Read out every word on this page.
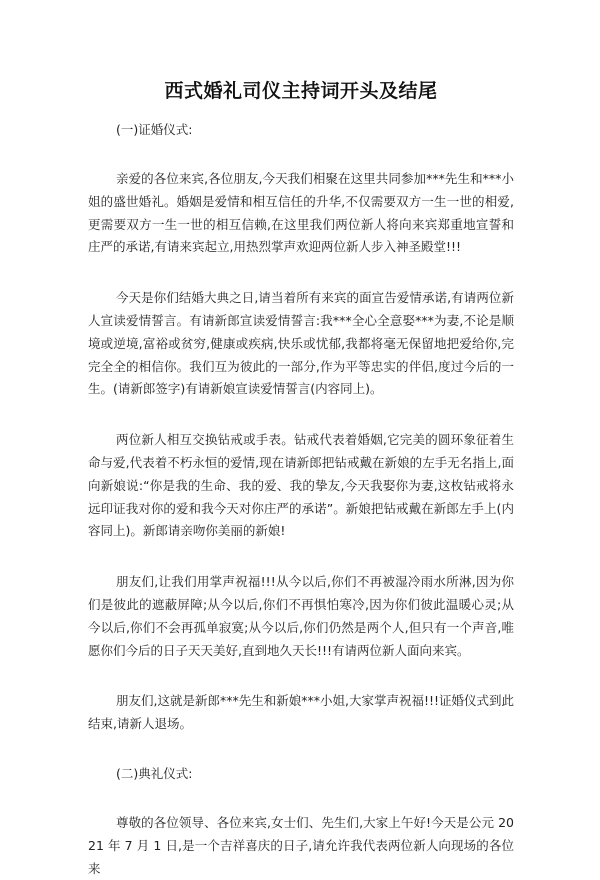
西式婚礼司仪主持词开头及结尾

(一)证婚仪式:

亲爱的各位来宾,各位朋友,今天我们相聚在这里共同参加***先生和***小姐的盛世婚礼。婚姻是爱情和相互信任的升华,不仅需要双方一生一世的相爱,更需要双方一生一世的相互信赖,在这里我们两位新人将向来宾郑重地宣誓和庄严的承诺,有请来宾起立,用热烈掌声欢迎两位新人步入神圣殿堂!!!

今天是你们结婚大典之日,请当着所有来宾的面宣告爱情承诺,有请两位新人宣读爱情誓言。有请新郎宣读爱情誓言:我***全心全意娶***为妻,不论是顺境或逆境,富裕或贫穷,健康或疾病,快乐或忧郁,我都将毫无保留地把爱给你,完完全全的相信你。我们互为彼此的一部分,作为平等忠实的伴侣,度过今后的一生。(请新郎签字)有请新娘宣读爱情誓言(内容同上)。

两位新人相互交换钻戒或手表。钻戒代表着婚姻,它完美的圆环象征着生命与爱,代表着不朽永恒的爱情,现在请新郎把钻戒戴在新娘的左手无名指上,面向新娘说:“你是我的生命、我的爱、我的挚友,今天我娶你为妻,这枚钻戒将永远印证我对你的爱和我今天对你庄严的承诺”。新娘把钻戒戴在新郎左手上(内容同上)。新郎请亲吻你美丽的新娘!

朋友们,让我们用掌声祝福!!!从今以后,你们不再被湿冷雨水所淋,因为你们是彼此的遮蔽屏障;从今以后,你们不再惧怕寒冷,因为你们彼此温暖心灵;从今以后,你们不会再孤单寂寞;从今以后,你们仍然是两个人,但只有一个声音,唯愿你们今后的日子天天美好,直到地久天长!!!有请两位新人面向来宾。

朋友们,这就是新郎***先生和新娘***小姐,大家掌声祝福!!!证婚仪式到此结束,请新人退场。

(二)典礼仪式:

尊敬的各位领导、各位来宾,女士们、先生们,大家上午好!今天是公元 2021 年 7 月 1 日,是一个吉祥喜庆的日子,请允许我代表两位新人向现场的各位来
